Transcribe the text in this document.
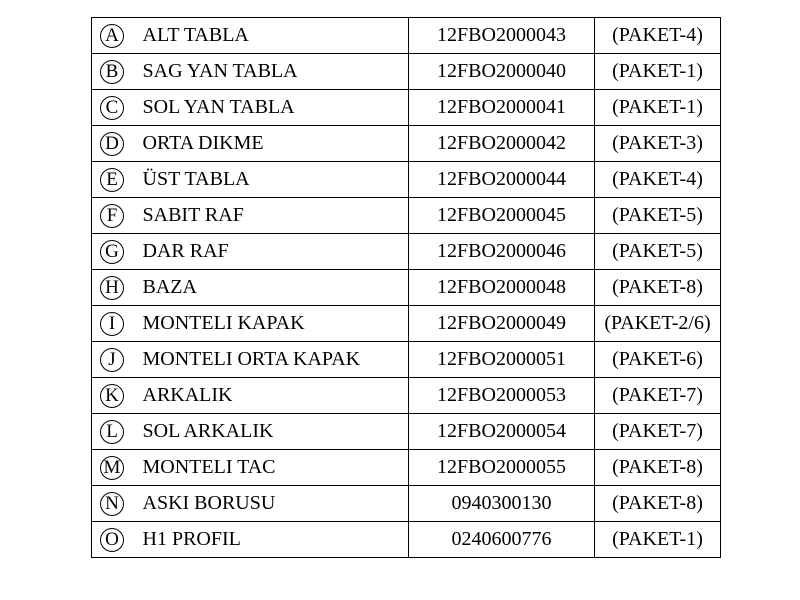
A	ALT TABLA	12FBO2000043	(PAKET-4)
B	SAG YAN TABLA	12FBO2000040	(PAKET-1)
C	SOL YAN TABLA	12FBO2000041	(PAKET-1)
D	ORTA DIKME	12FBO2000042	(PAKET-3)
E	ÜST TABLA	12FBO2000044	(PAKET-4)
F	SABIT RAF	12FBO2000045	(PAKET-5)
G	DAR RAF	12FBO2000046	(PAKET-5)
H	BAZA	12FBO2000048	(PAKET-8)
I	MONTELI KAPAK	12FBO2000049	(PAKET-2/6)
J	MONTELI ORTA KAPAK	12FBO2000051	(PAKET-6)
K	ARKALIK	12FBO2000053	(PAKET-7)
L	SOL ARKALIK	12FBO2000054	(PAKET-7)
M	MONTELI TAC	12FBO2000055	(PAKET-8)
N	ASKI BORUSU	0940300130	(PAKET-8)
O	H1 PROFIL	0240600776	(PAKET-1)
